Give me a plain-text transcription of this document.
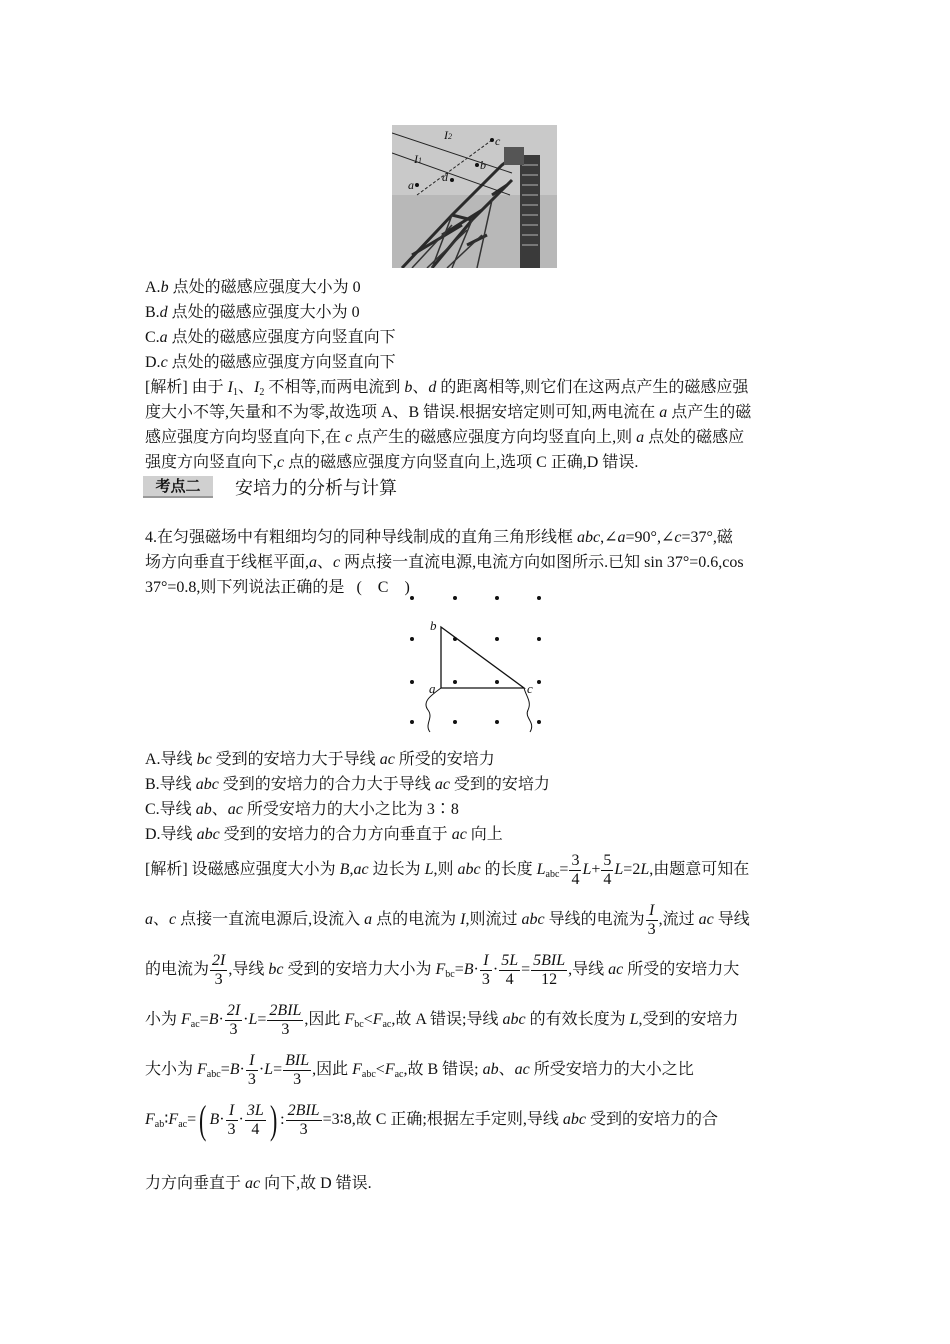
I2
I1
c
b
d
a
A.b 点处的磁感应强度大小为 0
B.d 点处的磁感应强度大小为 0
C.a 点处的磁感应强度方向竖直向下
D.c 点处的磁感应强度方向竖直向下
[解析] 由于 $I_1$、$I_2$ 不相等,而两电流到 b、d 的距离相等,则它们在这两点产生的磁感应强
度大小不等,矢量和不为零,故选项 A、B 错误.根据安培定则可知,两电流在 a 点产生的磁
感应强度方向均竖直向下,在 c 点产生的磁感应强度方向均竖直向上,则 a 点处的磁感应
强度方向竖直向下,c 点的磁感应强度方向竖直向上,选项 C 正确,D 错误.
考点二	安培力的分析与计算
4.在匀强磁场中有粗细均匀的同种导线制成的直角三角形线框 abc,∠a=90°,∠c=37°,磁
场方向垂直于线框平面,a、c 两点接一直流电源,电流方向如图所示.已知 sin 37°=0.6,cos
37°=0.8,则下列说法正确的是 (　C　)
b
a	c
A.导线 bc 受到的安培力大于导线 ac 所受的安培力
B.导线 abc 受到的安培力的合力大于导线 ac 受到的安培力
C.导线 ab、ac 所受安培力的大小之比为 3∶8
D.导线 abc 受到的安培力的合力方向垂直于 ac 向上
[解析] 设磁感应强度大小为 B,ac 边长为 L,则 abc 的长度 $L_{abc}= \frac{3}{4} L+ \frac{5}{4} L=2L$,由题意可知在
a、c 点接一直流电源后,设流入 a 点的电流为 I,则流过 abc 导线的电流为 $\frac{I}{3}$ ,流过 ac 导线
的电流为 $\frac{2I}{3}$ ,导线 bc 受到的安培力大小为 $F_{bc}=B\cdot \frac{I}{3} \cdot \frac{5L}{4} = \frac{\text{5BIL}}{12}$ ,导线 ac 所受的安培力大
小为 $F_{ac}=B\cdot \frac{2I}{3} \cdot L= \frac{\text{2BIL}}{3}$ ,因此 $F_{bc}<F_{ac}$,故 A 错误;导线 abc 的有效长度为 L,受到的安培力
大小为 $F_{abc}=B\cdot \frac{I}{3} \cdot L= \frac{\text{BIL}}{3}$ ,因此 $F_{abc}<F_{ac}$,故 B 错误; ab、ac 所受安培力的大小之比
$F_{ab}∶F_{ac}=$( $B\cdot \frac{I}{3} \cdot \frac{3L}{4}$ ) : $\frac{\text{2BIL}}{3}$ =3∶8,故 C 正确;根据左手定则,导线 abc 受到的安培力的合
力方向垂直于 ac 向下,故 D 错误.
